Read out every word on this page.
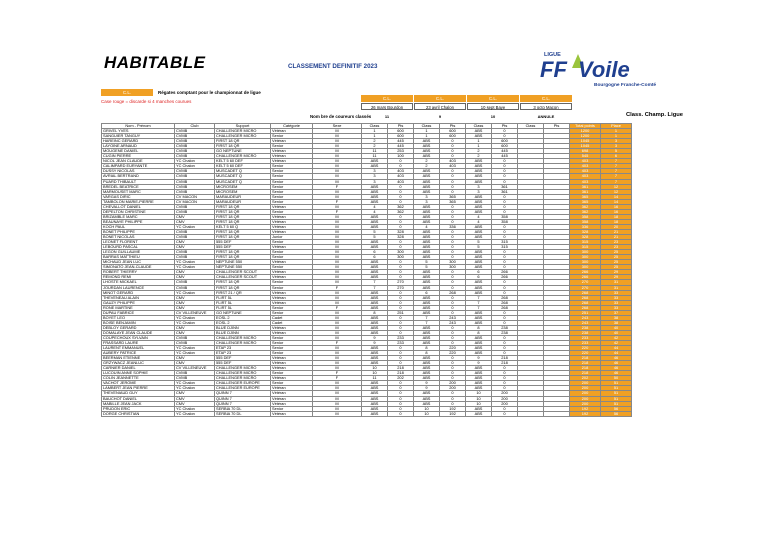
HABITABLE	CLASSEMENT DEFINITIF 2023
LIGUE
FF Voile
Bourgogne Franche-Comté
C.L.	Régates comptant pour le championnat de ligue
Case rouge = discarde si 4 manches courues
C.L.	C.L.	C.L.	C.L.
26 mars Bourdon	23 avril Chalon	10 sept Baye	3 octo Macon
Nom bre de coureurs classés	11	9	10	ANNULE	Class. Champ. Ligue
Nom - Prénom	Club	Support	Catégorie	Sexe	Class	Pts	Class	Pts	Class	Pts	Class	Pts	Total points	Place
GRIVEL YVES	CVMB	CHALLENGER MICRO	Vétéran	M	1	600	1	600	ABS	0			1200	1
SANGUIER TANGUY	CVMB	CHALLENGER MICRO	Senior	M	1	600	1	600	ABS	0			1200	1
HAREINC GERARD	CVMB	FIRST 18 QR	Vétéran	M	2	445	ABS	0	1	600			1045	3
LAYOINE ARNAUD	CVMB	FIRST 18 QR	Senior	M	2	445	ABS	0	1	600			1045	3
MOUGENE DANIEL	CVMB	GO NEPTUNE	Vétéran	M	11	253	ABS	0	2	445			698	5
CUGIN PIERRE	CVMB	CHALLENGER MICRO	Vétéran	M	11	100	ABS	0	2	445			545	6
NICOL JEAN CLAUDE	YC Chalon	KELT 5 60 DEF	Vétéran	M	ABS	0	2	403	ABS	0			403	7
CALIMPARD EURYANTE	YC Chalon	KELT 5 60 DEF	Senior	M	ABS	0	2	403	ABS	0			403	7
DUSSY NICOLAS	CVMB	MUSCADET Q	Senior	M	3	403	ABS	0	ABS	0			403	7
AVRIAL BERTRAND	CVMB	MUSCADET Q	Senior	M	3	403	ABS	0	ABS	0			403	7
PUARD THIBAULT	CVMB	MUSCADET Q	Senior	M	3	403	ABS	0	ABS	0			403	7
BREDEL BEATRICE	CVMB	MICROSEM	Senior	F	ABS	0	ABS	0	3	361			361	12
MARMOUSET MARC	CVMB	MICROSEM	Senior	M	ABS	0	ABS	0	3	361			361	12
VARGAS DIRIC	CV MACON	MARAUDEUR	Senior	M	ABS	0	3	365	ABS	0			365	14
TAMBOLON MARIE-PIERRE	CV MACON	MARAUDEUR	Senior	F	ABS	0	3	365	ABS	0			365	14
CHEVALLOT DANIEL	CVMB	FIRST 18 QR	Vétéran	M	4	362	ABS	0	ABS	0			362	16
DEPELTON CHRISTINE	CVMB	FIRST 18 QR	Senior	F	4	362	ABS	0	ABS	0			362	16
BRIZAMBLE MARC	CMV	FIRST 18 QR	Vétéran	M	ABS	0	ABS	0	4	358			358	18
BEAUNAYE PHILIPPE	CMV	FIRST 18 QR	Vétéran	M	ABS	0	ABS	0	4	358			358	18
KOCH PAUL	YC Chalon	KELT 5 60 Q	Vétéran	M	ABS	0	4	336	ABS	0			336	20
BONET PHILIPPE	CVMB	FIRST 18 QR	Vétéran	M	5	328	ABS	0	ABS	0			328	21
BONET NICOLAS	CVMB	FIRST 18 QR	Junior	M	5	328	ABS	0	ABS	0			328	21
LEONET FLORENT	CMV	555 DEF	Senior	M	ABS	0	ABS	0	5	315			315	23
LEBOURD PASCAL	CMV	555 DEF	Vétéran	M	ABS	0	ABS	0	5	315			315	23
LEGON GUILLAUME	CVMB	FIRST 18 QR	Senior	M	6	300	ABS	0	ABS	0			300	25
BARRAS MATTHIEU	CVMB	FIRST 18 QR	Senior	M	6	300	ABS	0	ABS	0			300	25
MICHAUD JEAN LUC	YC Chalon	NEPTUNE 550	Vétéran	M	ABS	0	5	300	ABS	0			300	25
SIMONATO JEAN-CLAUDE	YC Chalon	NEPTUNE 550	Senior	M	ABS	0	5	300	ABS	0			300	25
ROBERT THIERRY	CMV	CHALLENGER SCOUT	Vétéran	M	ABS	0	ABS	0	6	266			266	29
REMOND REMI	CMV	CHALLENGER SCOUT	Vétéran	M	ABS	0	ABS	0	6	266			266	29
LHOSTE MICKAEL	CVMB	FIRST 18 QR	Senior	M	7	270	ABS	0	ABS	0			270	31
JOURDAN LAURENCE	CVMB	FIRST 18 QR	Senior	F	7	270	ABS	0	ABS	0			270	31
MINOT GERARD	YC Chalon	FIRST 21 / QR	Vétéran	M	ABS	0	6	268	ABS	0			268	33
THEVENEAU ALAIN	CMV	FLIRT 5L	Vétéran	M	ABS	0	ABS	0	7	268			268	33
GAUZY PHILIPPE	CMV	FLIRT 5L	Vétéran	M	ABS	0	ABS	0	7	268			268	33
RONE MARTINE	CMV	FLIRT 5L	Senior	F	ABS	0	ABS	0	7	268			268	33
DUPAU FABRICE	CV VILLENEUVE	GO NEPTUNE	Senior	M	8	251	ABS	0	ABS	0			251	37
BOYET LEO	YC Chalon	EOSL 2	Cadet	M	ABS	0	7	243	ABS	0			243	38
BOISE BENJAMIN	YC Chalon	EOSL 2	Cadet	M	ABS	0	7	243	ABS	0			243	38
DEBLOY GERARD	CMV	BLUE DJINN	Vétéran	M	ABS	0	ABS	0	8	238			238	40
DOMALAYE JEAN CLAUDE	CMV	BLUE DJINN	Vétéran	M	ABS	0	ABS	0	8	238			238	40
COUPECHOUX SYLVAIN	CVMB	CHALLENGER MICRO	Senior	M	9	233	ABS	0	ABS	0			233	42
FRASSARD LAURE	CVMB	CHALLENGER MICRO	Senior	F	9	233	ABS	0	ABS	0			233	42
LAURENT EMMANUEL	YC Chalon	ETAP 23	Senior	M	ABS	0	8	220	ABS	0			220	44
AUBERY PATRICE	YC Chalon	ETAP 23	Senior	M	ABS	0	8	220	ABS	0			220	44
BEERMAN ETIENNE	CMV	555 DEF	Vétéran	M	ABS	0	ABS	0	9	218			218	46
GRZYWACZ JEANLUC	CMV	555 DEF	Vétéran	M	ABS	0	ABS	0	9	218			218	46
CARNIER DANIEL	CV VILLENEUVE	CHALLENGER MICRO	Vétéran	M	10	218	ABS	0	ABS	0			218	46
LUCOUIN ANNE SOPHIE	CVMB	CHALLENGER MICRO	Senior	F	10	218	ABS	0	ABS	0			218	46
COLIN JEANNETTE	CVMB	CHALLENGER MICRO	Vétéran	F	11	202	ABS	0	ABS	0			202	50
VACHOT JEROME	YC Chalon	CHALLENGER EUROPE	Senior	M	ABS	0	9	200	ABS	0			200	51
LAMBERT JEAN PIERRE	YC Chalon	CHALLENGER EUROPE	Vétéran	M	ABS	0	9	200	ABS	0			200	51
THEVENIAUD GUY	CMV	QUINN 7	Vétéran	M	ABS	0	ABS	0	10	200			200	51
BAUCHOT DANIEL	CMV	QUINN 7	Vétéran	M	ABS	0	ABS	0	10	200			200	51
MABILLE JEAN JACK	CMV	QUINN 7	Vétéran	M	ABS	0	ABS	0	10	200			200	51
PRUDON ERIC	YC Chalon	SERBIA 70 DL	Senior	M	ABS	0	10	192	ABS	0			192	56
DORGE CHRISTIAN	YC Chalon	SERBIA 70 DL	Vétéran	M	ABS	0	10	192	ABS	0			192	56
